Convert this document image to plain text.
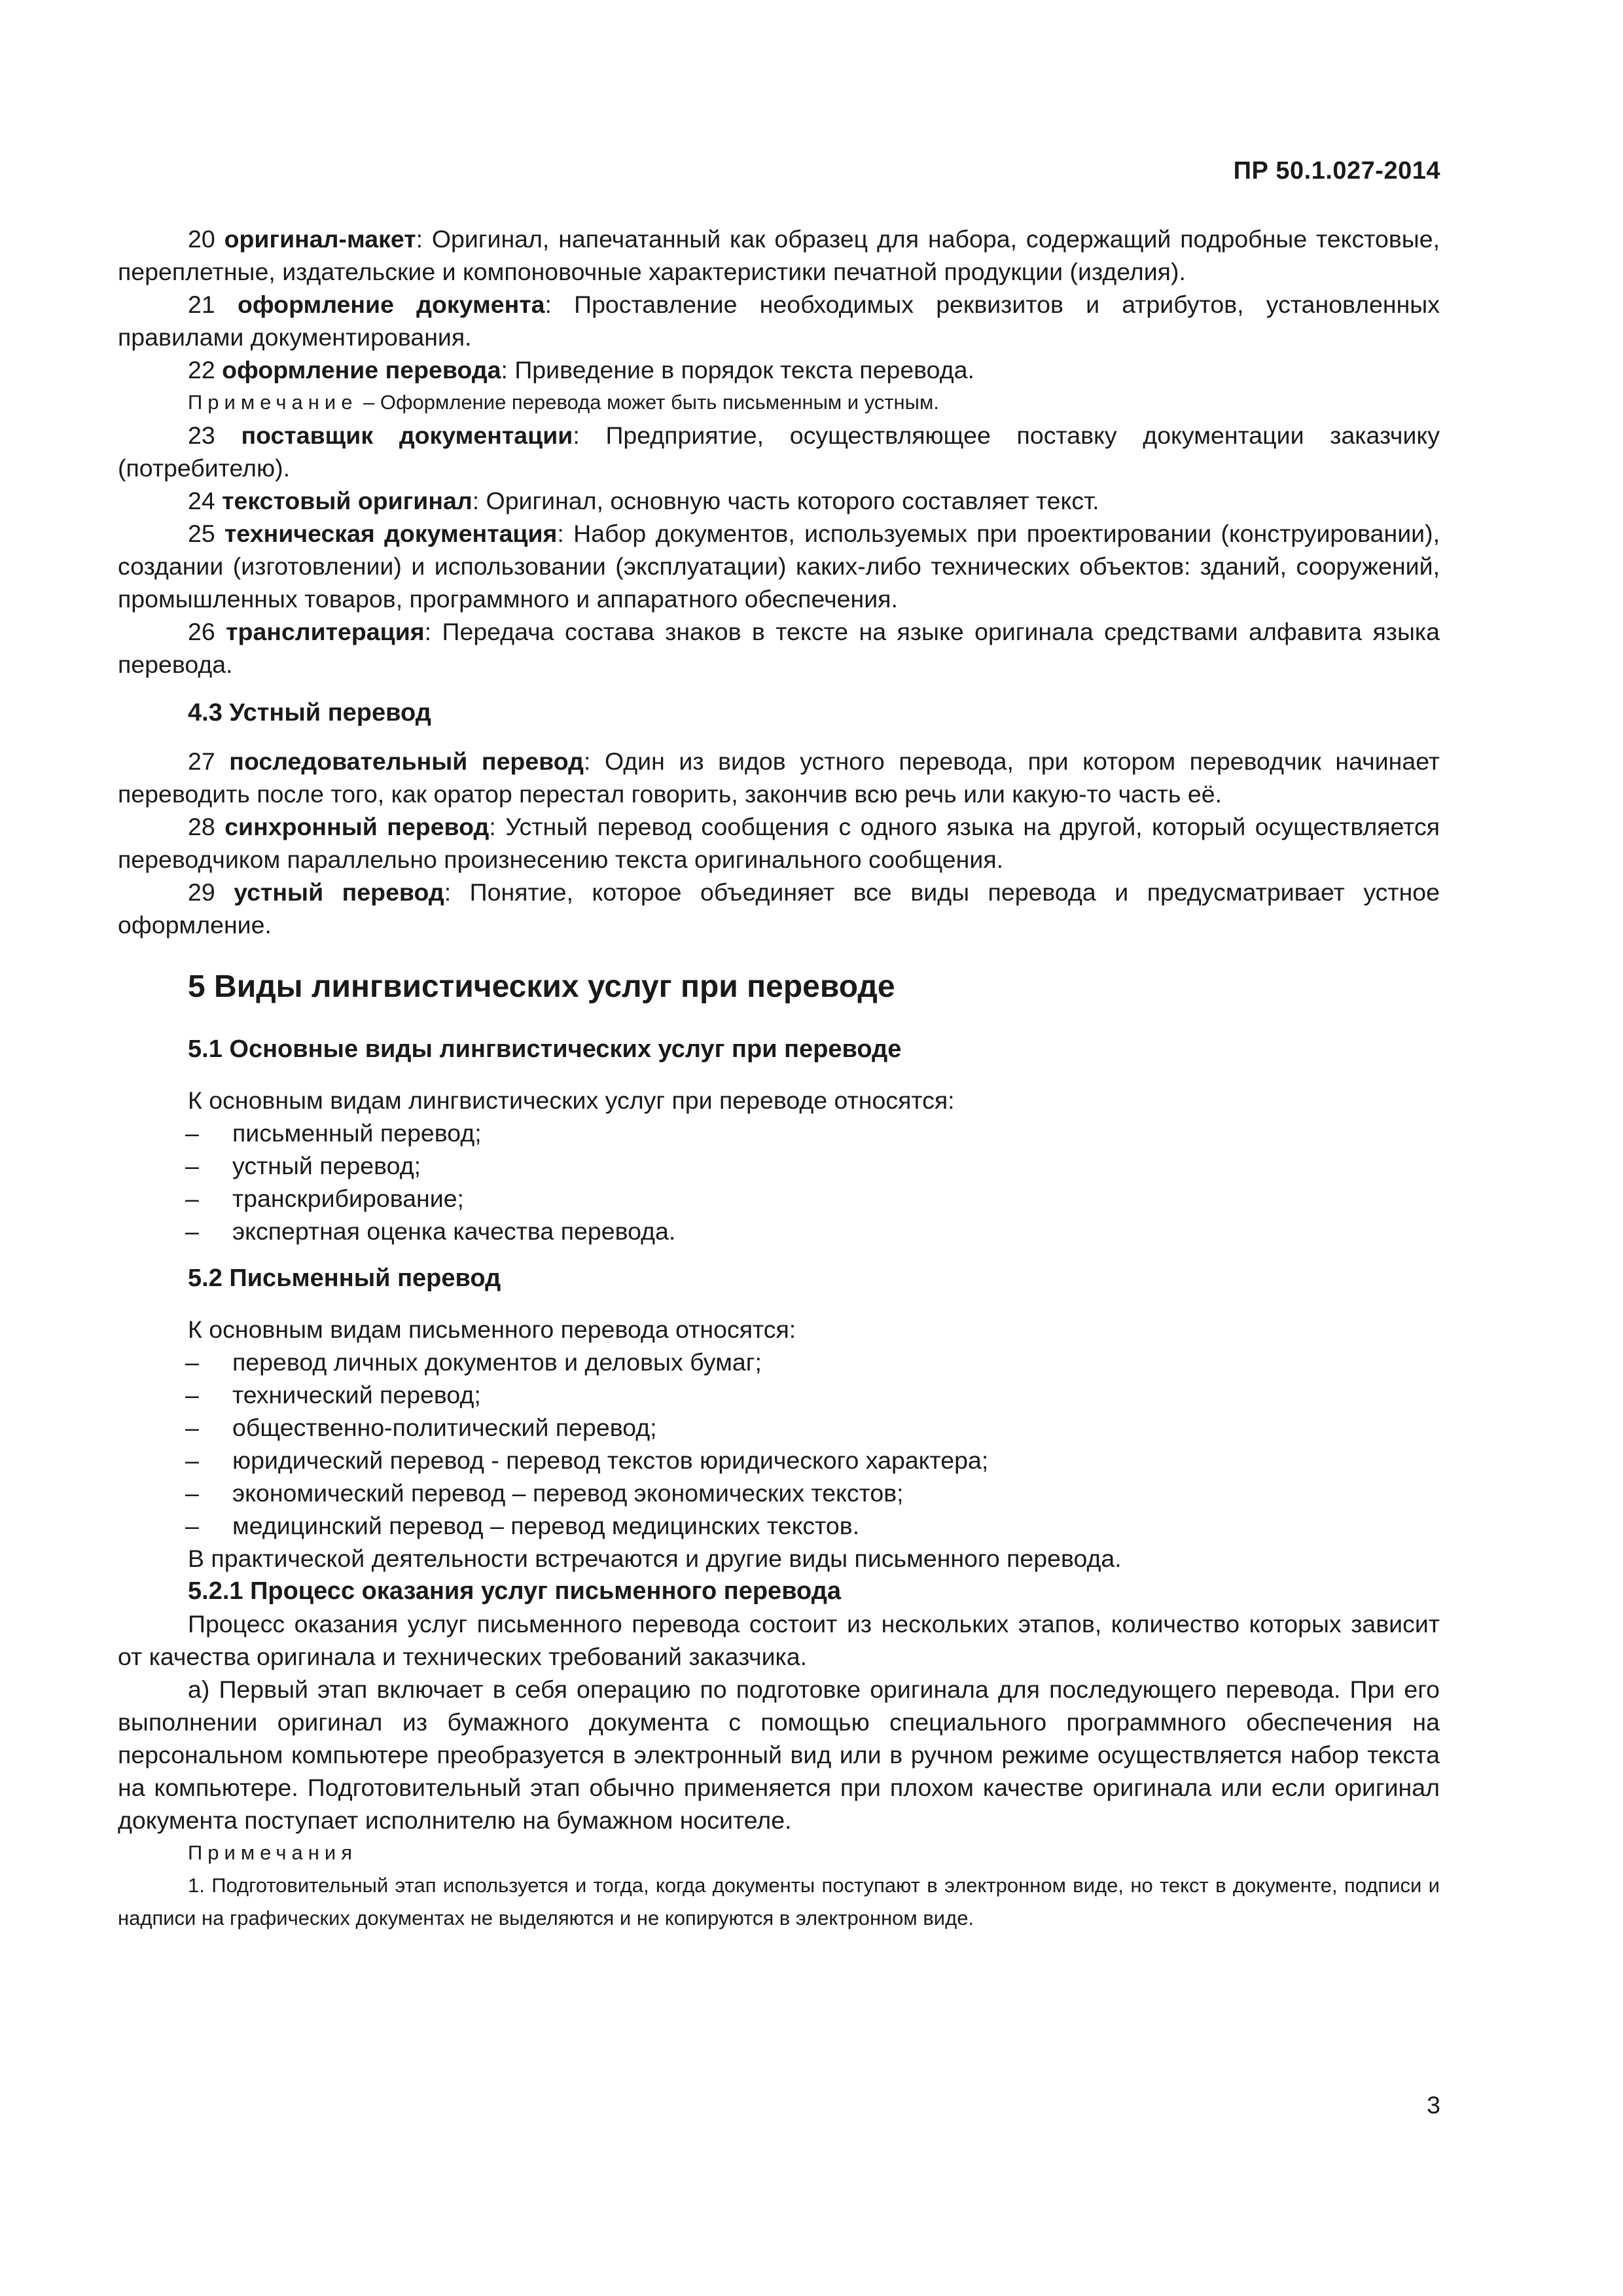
ПР 50.1.027-2014

20 оригинал-макет: Оригинал, напечатанный как образец для набора, содержащий подробные текстовые, переплетные, издательские и компоновочные характеристики печатной продукции (изделия).

21 оформление документа: Проставление необходимых реквизитов и атрибутов, установленных правилами документирования.

22 оформление перевода: Приведение в порядок текста перевода.

Примечание – Оформление перевода может быть письменным и устным.

23 поставщик документации: Предприятие, осуществляющее поставку документации заказчику (потребителю).

24 текстовый оригинал: Оригинал, основную часть которого составляет текст.

25 техническая документация: Набор документов, используемых при проектировании (конструировании), создании (изготовлении) и использовании (эксплуатации) каких-либо технических объектов: зданий, сооружений, промышленных товаров, программного и аппаратного обеспечения.

26 транслитерация: Передача состава знаков в тексте на языке оригинала средствами алфавита языка перевода.

4.3 Устный перевод

27 последовательный перевод: Один из видов устного перевода, при котором переводчик начинает переводить после того, как оратор перестал говорить, закончив всю речь или какую-то часть её.

28 синхронный перевод: Устный перевод сообщения с одного языка на другой, который осуществляется переводчиком параллельно произнесению текста оригинального сообщения.

29 устный перевод: Понятие, которое объединяет все виды перевода и предусматривает устное оформление.

5 Виды лингвистических услуг при переводе

5.1 Основные виды лингвистических услуг при переводе

К основным видам лингвистических услуг при переводе относятся:

– письменный перевод;
– устный перевод;
– транскрибирование;
– экспертная оценка качества перевода.

5.2 Письменный перевод

К основным видам письменного перевода относятся:

– перевод личных документов и деловых бумаг;
– технический перевод;
– общественно-политический перевод;
– юридический перевод - перевод текстов юридического характера;
– экономический перевод – перевод экономических текстов;
– медицинский перевод – перевод медицинских текстов.

В практической деятельности встречаются и другие виды письменного перевода.

5.2.1 Процесс оказания услуг письменного перевода

Процесс оказания услуг письменного перевода состоит из нескольких этапов, количество которых зависит от качества оригинала и технических требований заказчика.

а) Первый этап включает в себя операцию по подготовке оригинала для последующего перевода. При его выполнении оригинал из бумажного документа с помощью специального программного обеспечения на персональном компьютере преобразуется в электронный вид или в ручном режиме осуществляется набор текста на компьютере. Подготовительный этап обычно применяется при плохом качестве оригинала или если оригинал документа поступает исполнителю на бумажном носителе.

Примечания

1. Подготовительный этап используется и тогда, когда документы поступают в электронном виде, но текст в документе, подписи и надписи на графических документах не выделяются и не копируются в электронном виде.

3
